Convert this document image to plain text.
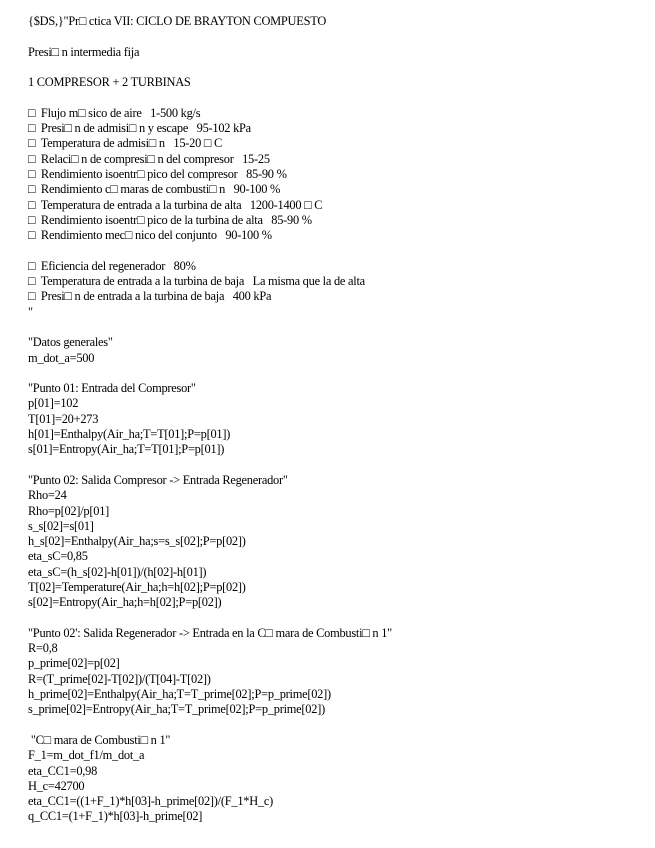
{$DS,}"Pr□ ctica VII: CICLO DE BRAYTON COMPUESTO
Presi□ n intermedia fija
1 COMPRESOR + 2 TURBINAS
□  Flujo m□ sico de aire   1-500 kg/s
□  Presi□ n de admisi□ n y escape   95-102 kPa
□  Temperatura de admisi□ n   15-20 □ C
□  Relaci□ n de compresi□ n del compresor   15-25
□  Rendimiento isoentr□ pico del compresor   85-90 %
□  Rendimiento c□ maras de combusti□ n   90-100 %
□  Temperatura de entrada a la turbina de alta   1200-1400 □ C
□  Rendimiento isoentr□ pico de la turbina de alta   85-90 %
□  Rendimiento mec□ nico del conjunto   90-100 %
□  Eficiencia del regenerador   80%
□  Temperatura de entrada a la turbina de baja   La misma que la de alta
□  Presi□ n de entrada a la turbina de baja   400 kPa
"
"Datos generales"
m_dot_a=500
"Punto 01: Entrada del Compresor"
p[01]=102
T[01]=20+273
h[01]=Enthalpy(Air_ha;T=T[01];P=p[01])
s[01]=Entropy(Air_ha;T=T[01];P=p[01])
"Punto 02: Salida Compresor -> Entrada Regenerador"
Rho=24
Rho=p[02]/p[01]
s_s[02]=s[01]
h_s[02]=Enthalpy(Air_ha;s=s_s[02];P=p[02])
eta_sC=0,85
eta_sC=(h_s[02]-h[01])/(h[02]-h[01])
T[02]=Temperature(Air_ha;h=h[02];P=p[02])
s[02]=Entropy(Air_ha;h=h[02];P=p[02])
"Punto 02': Salida Regenerador -> Entrada en la C□ mara de Combusti□ n 1"
R=0,8
p_prime[02]=p[02]
R=(T_prime[02]-T[02])/(T[04]-T[02])
h_prime[02]=Enthalpy(Air_ha;T=T_prime[02];P=p_prime[02])
s_prime[02]=Entropy(Air_ha;T=T_prime[02];P=p_prime[02])
"C□ mara de Combusti□ n 1"
F_1=m_dot_f1/m_dot_a
eta_CC1=0,98
H_c=42700
eta_CC1=((1+F_1)*h[03]-h_prime[02])/(F_1*H_c)
q_CC1=(1+F_1)*h[03]-h_prime[02]
